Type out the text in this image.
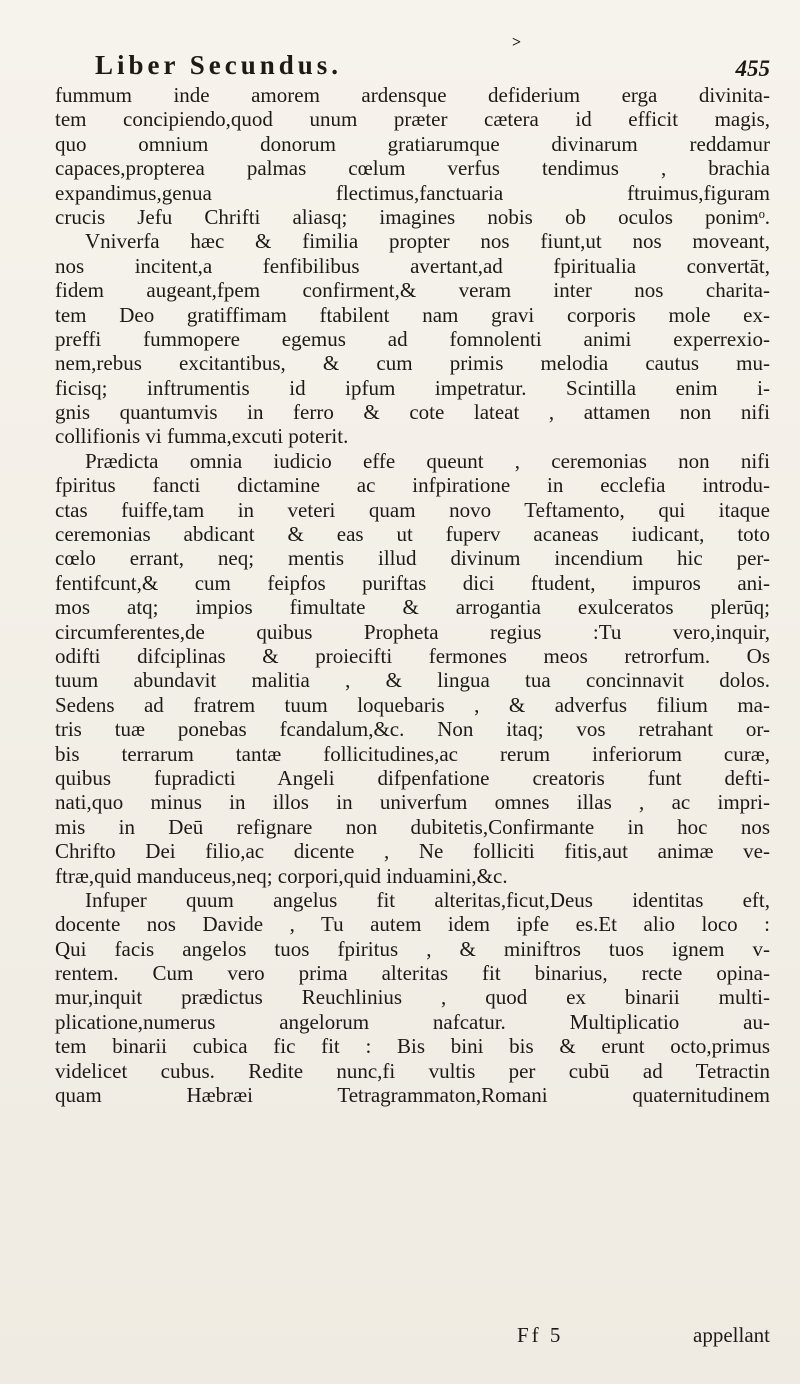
>
Liber Secundus.	455
fummum inde amorem ardensque defiderium erga divinita-
tem concipiendo,quod unum præter cætera id efficit magis,
quo omnium donorum gratiarumque divinarum reddamur
capaces,propterea palmas cœlum verfus tendimus , brachia
expandimus,genua flectimus,fanctuaria ftruimus,figuram
crucis Jefu Chrifti aliasq; imagines nobis ob oculos ponimᵒ.
Vniverfa hæc & fimilia propter nos fiunt,ut nos moveant,
nos incitent,a fenfibilibus avertant,ad fpiritualia convertāt,
fidem augeant,fpem confirment,& veram inter nos charita-
tem Deo gratiffimam ftabilent nam gravi corporis mole ex-
preffi fummopere egemus ad fomnolenti animi experrexio-
nem,rebus excitantibus, & cum primis melodia cautus mu-
ficisq; inftrumentis id ipfum impetratur. Scintilla enim i-
gnis quantumvis in ferro & cote lateat , attamen non nifi
collifionis vi fumma,excuti poterit.
Prædicta omnia iudicio effe queunt , ceremonias non nifi
fpiritus fancti dictamine ac infpiratione in ecclefia introdu-
ctas fuiffe,tam in veteri quam novo Teftamento, qui itaque
ceremonias abdicant & eas ut fuperv acaneas iudicant, toto
cœlo errant, neq; mentis illud divinum incendium hic per-
fentifcunt,& cum feipfos puriftas dici ftudent, impuros ani-
mos atq; impios fimultate & arrogantia exulceratos plerūq;
circumferentes,de quibus Propheta regius :Tu vero,inquir,
odifti difciplinas & proiecifti fermones meos retrorfum. Os
tuum abundavit malitia , & lingua tua concinnavit dolos.
Sedens ad fratrem tuum loquebaris , & adverfus filium ma-
tris tuæ ponebas fcandalum,&c. Non itaq; vos retrahant or-
bis terrarum tantæ follicitudines,ac rerum inferiorum curæ,
quibus fupradicti Angeli difpenfatione creatoris funt defti-
nati,quo minus in illos in univerfum omnes illas , ac impri-
mis in Deū refignare non dubitetis,Confirmante in hoc nos
Chrifto Dei filio,ac dicente , Ne folliciti fitis,aut animæ ve-
ftræ,quid manduceus,neq; corpori,quid induamini,&c.
Infuper quum angelus fit alteritas,ficut,Deus identitas eft,
docente nos Davide , Tu autem idem ipfe es.Et alio loco :
Qui facis angelos tuos fpiritus , & miniftros tuos ignem v-
rentem. Cum vero prima alteritas fit binarius, recte opina-
mur,inquit prædictus Reuchlinius , quod ex binarii multi-
plicatione,numerus angelorum nafcatur. Multiplicatio au-
tem binarii cubica fic fit : Bis bini bis & erunt octo,primus
videlicet cubus. Redite nunc,fi vultis per cubū ad Tetractin
quam Hæbræi Tetragrammaton,Romani quaternitudinem
Ff 5	appellant
